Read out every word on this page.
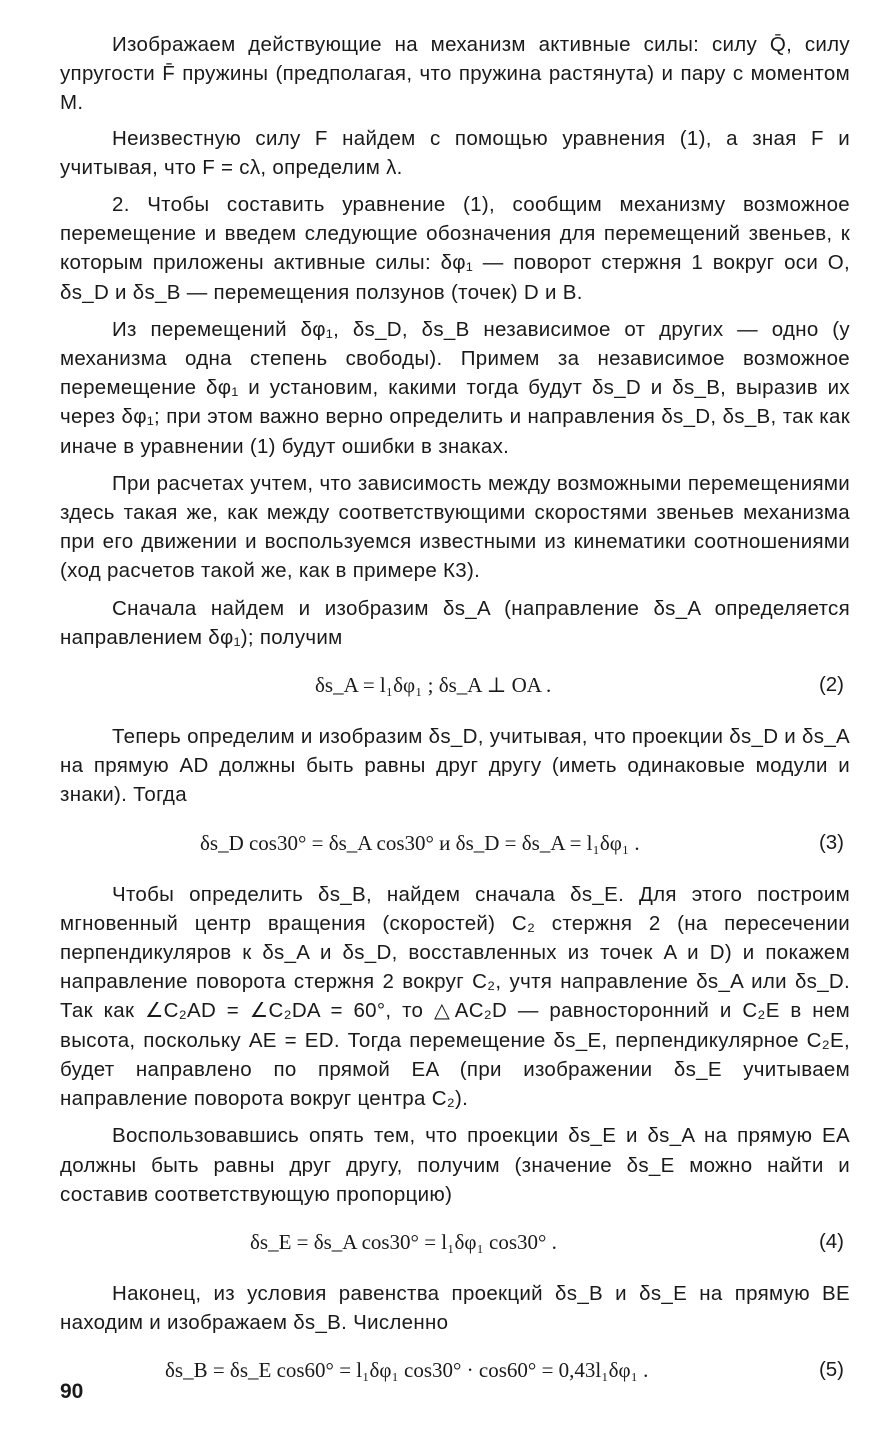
Изображаем действующие на механизм активные силы: силу Q̄, силу упругости F̄ пружины (предполагая, что пружина растянута) и пару с моментом M.

Неизвестную силу F найдем с помощью уравнения (1), а зная F и учитывая, что F = cλ, определим λ.

2. Чтобы составить уравнение (1), сообщим механизму возможное перемещение и введем следующие обозначения для перемещений звеньев, к которым приложены активные силы: δφ₁ — поворот стержня 1 вокруг оси O, δs_D и δs_B — перемещения ползунов (точек) D и B.

Из перемещений δφ₁, δs_D, δs_B независимое от других — одно (у механизма одна степень свободы). Примем за независимое возможное перемещение δφ₁ и установим, какими тогда будут δs_D и δs_B, выразив их через δφ₁; при этом важно верно определить и направления δs_D, δs_B, так как иначе в уравнении (1) будут ошибки в знаках.

При расчетах учтем, что зависимость между возможными перемещениями здесь такая же, как между соответствующими скоростями звеньев механизма при его движении и воспользуемся известными из кинематики соотношениями (ход расчетов такой же, как в примере К3).

Сначала найдем и изобразим δs_A (направление δs_A определяется направлением δφ₁); получим

δs_A = l₁δφ₁ ; δs_A ⊥ OA .	(2)

Теперь определим и изобразим δs_D, учитывая, что проекции δs_D и δs_A на прямую AD должны быть равны друг другу (иметь одинаковые модули и знаки). Тогда

δs_D cos30° = δs_A cos30° и δs_D = δs_A = l₁δφ₁ .	(3)

Чтобы определить δs_B, найдем сначала δs_E. Для этого построим мгновенный центр вращения (скоростей) C₂ стержня 2 (на пересечении перпендикуляров к δs_A и δs_D, восставленных из точек A и D) и покажем направление поворота стержня 2 вокруг C₂, учтя направление δs_A или δs_D. Так как ∠C₂AD = ∠C₂DA = 60°, то △AC₂D — равносторонний и C₂E в нем высота, поскольку AE = ED. Тогда перемещение δs_E, перпендикулярное C₂E, будет направлено по прямой EA (при изображении δs_E учитываем направление поворота вокруг центра C₂).

Воспользовавшись опять тем, что проекции δs_E и δs_A на прямую EA должны быть равны друг другу, получим (значение δs_E можно найти и составив соответствующую пропорцию)

δs_E = δs_A cos30° = l₁δφ₁ cos30° .	(4)

Наконец, из условия равенства проекций δs_B и δs_E на прямую BE находим и изображаем δs_B. Численно

δs_B = δs_E cos60° = l₁δφ₁ cos30° · cos60° = 0,43l₁δφ₁ .	(5)
90
